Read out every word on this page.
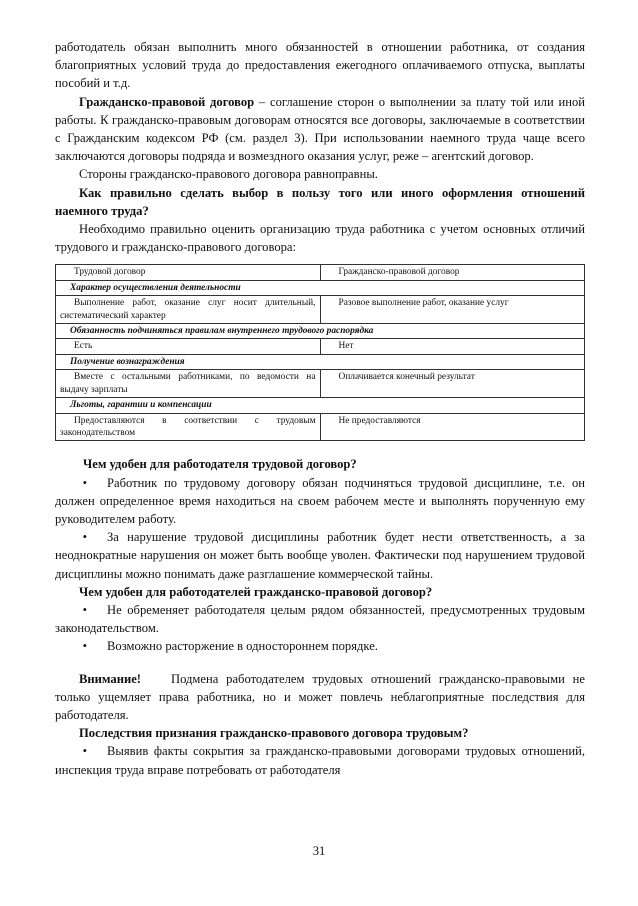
работодатель обязан выполнить много обязанностей в отношении работника, от создания благоприятных условий труда до предоставления ежегодного оплачиваемого отпуска, выплаты пособий и т.д.

Гражданско-правовой договор – соглашение сторон о выполнении за плату той или иной работы. К гражданско-правовым договорам относятся все договоры, заключаемые в соответствии с Гражданским кодексом РФ (см. раздел 3). При использовании наемного труда чаще всего заключаются договоры подряда и возмездного оказания услуг, реже – агентский договор.

Стороны гражданско-правового договора равноправны.

Как правильно сделать выбор в пользу того или иного оформления отношений наемного труда?

Необходимо правильно оценить организацию труда работника с учетом основных отличий трудового и гражданско-правового договора:

Трудовой договор	Гражданско-правовой договор

Характер осуществления деятельности	

Выполнение работ, оказание слуг носит длительный, систематический характер	Разовое выполнение работ, оказание услуг

Обязанность подчиняться правилам внутреннего трудового распорядка	

Есть	Нет

Получение вознаграждения	

Вместе с остальными работниками, по ведомости на выдачу зарплаты	Оплачивается конечный результат

Льготы, гарантии и компенсации	

Предоставляются в соответствии с трудовым законодательством	Не предоставляются

Чем удобен для работодателя трудовой договор?

• Работник по трудовому договору обязан подчиняться трудовой дисциплине, т.е. он должен определенное время находиться на своем рабочем месте и выполнять порученную ему руководителем работу.

• За нарушение трудовой дисциплины работник будет нести ответственность, а за неоднократные нарушения он может быть вообще уволен. Фактически под нарушением трудовой дисциплины можно понимать даже разглашение коммерческой тайны.

Чем удобен для работодателей гражданско-правовой договор?

• Не обременяет работодателя целым рядом обязанностей, предусмотренных трудовым законодательством.

• Возможно расторжение в одностороннем порядке.

Внимание! Подмена работодателем трудовых отношений гражданско-правовыми не только ущемляет права работника, но и может повлечь неблагоприятные последствия для работодателя.

Последствия признания гражданско-правового договора трудовым?

• Выявив факты сокрытия за гражданско-правовыми договорами трудовых отношений, инспекция труда вправе потребовать от работодателя

31
